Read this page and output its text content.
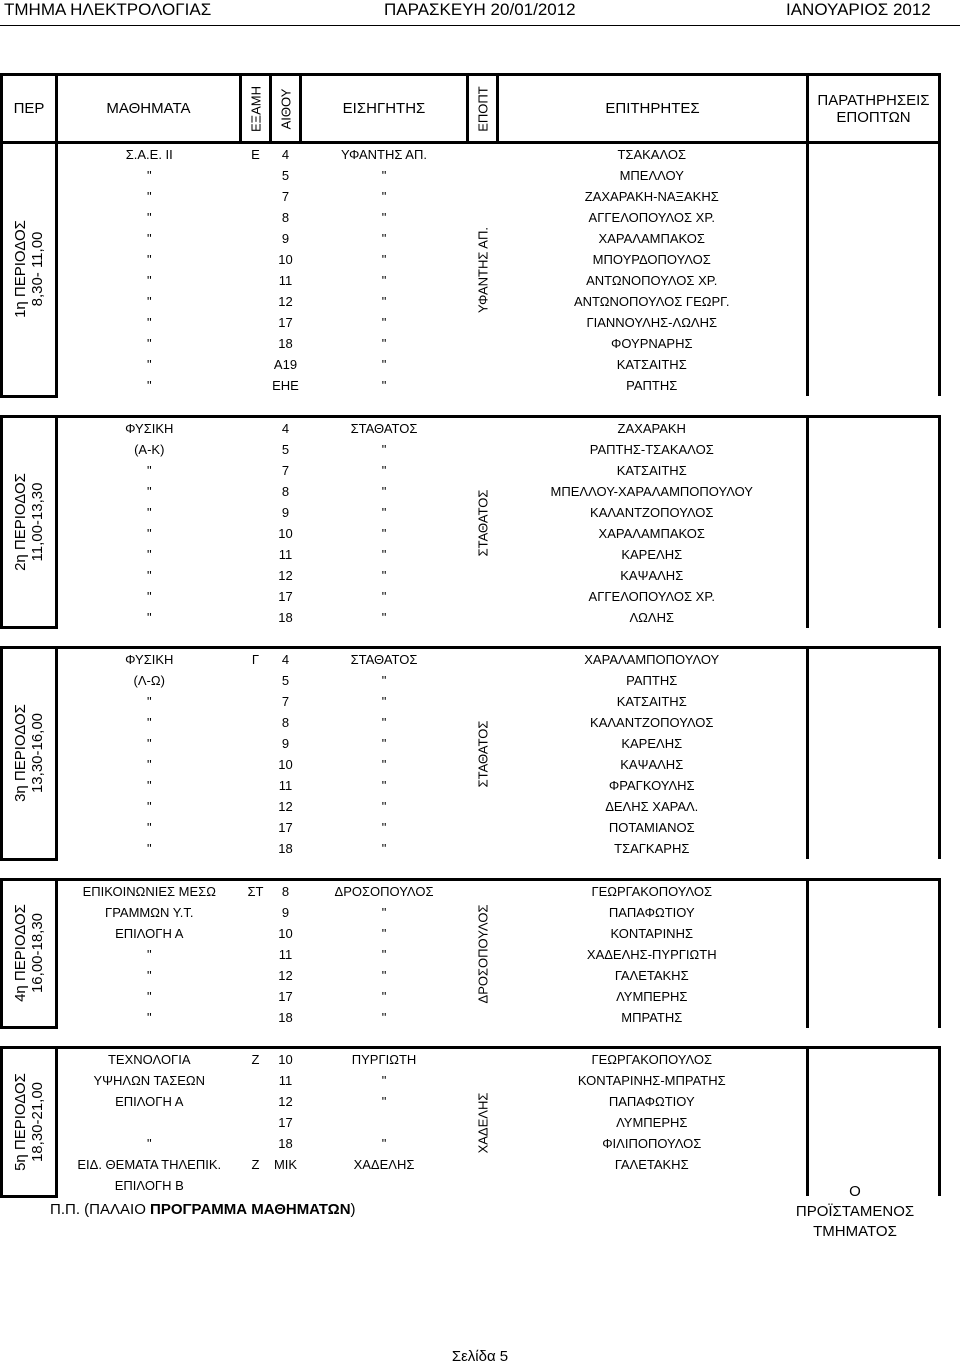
ΤΜΗΜΑ ΗΛΕΚΤΡΟΛΟΓΙΑΣ	ΠΑΡΑΣΚΕΥΗ 20/01/2012	ΙΑΝΟΥΑΡΙΟΣ 2012
ΠΕΡ	ΜΑΘΗΜΑΤΑ	ΕΞΑΜΗ	ΑΙΘΟΥ	ΕΙΣΗΓΗΤΗΣ	ΕΠΟΠΤ	ΕΠΙΤΗΡΗΤΕΣ	ΠΑΡΑΤΗΡΗΣΕΙΣ ΕΠΟΠΤΩΝ

1η ΠΕΡΙΟΔΟΣ 8,30- 11,00	Σ.Α.Ε. ΙΙ	Ε	4	ΥΦΑΝΤΗΣ ΑΠ.	ΥΦΑΝΤΗΣ ΑΠ.	ΤΣΑΚΑΛΟΣ	
	"		5	"		ΜΠΕΛΛΟΥ	
	"		7	"		ΖΑΧΑΡΑΚΗ-ΝΑΞΑΚΗΣ	
	"		8	"		ΑΓΓΕΛΟΠΟΥΛΟΣ ΧΡ.	
	"		9	"		ΧΑΡΑΛΑΜΠΑΚΟΣ	
	"		10	"		ΜΠΟΥΡΔΟΠΟΥΛΟΣ	
	"		11	"		ΑΝΤΩΝΟΠΟΥΛΟΣ ΧΡ.	
	"		12	"		ΑΝΤΩΝΟΠΟΥΛΟΣ ΓΕΩΡΓ.	
	"		17	"		ΓΙΑΝΝΟΥΛΗΣ-ΛΩΛΗΣ	
	"		18	"		ΦΟΥΡΝΑΡΗΣ	
	"		Α19	"		ΚΑΤΣΑΙΤΗΣ	
	"		ΕΗΕ	"		ΡΑΠΤΗΣ	

2η ΠΕΡΙΟΔΟΣ 11,00-13,30	ΦΥΣΙΚΗ		4	ΣΤΑΘΑΤΟΣ	ΣΤΑΘΑΤΟΣ	ΖΑΧΑΡΑΚΗ	
	(Α-Κ)		5	"		ΡΑΠΤΗΣ-ΤΣΑΚΑΛΟΣ	
	"		7	"		ΚΑΤΣΑΙΤΗΣ	
	"		8	"		ΜΠΕΛΛΟΥ-ΧΑΡΑΛΑΜΠΟΠΟΥΛΟΥ	
	"		9	"		ΚΑΛΑΝΤΖΟΠΟΥΛΟΣ	
	"		10	"		ΧΑΡΑΛΑΜΠΑΚΟΣ	
	"		11	"		ΚΑΡΕΛΗΣ	
	"		12	"		ΚΑΨΑΛΗΣ	
	"		17	"		ΑΓΓΕΛΟΠΟΥΛΟΣ ΧΡ.	
	"		18	"		ΛΩΛΗΣ	

3η ΠΕΡΙΟΔΟΣ 13,30-16,00	ΦΥΣΙΚΗ	Γ	4	ΣΤΑΘΑΤΟΣ	ΣΤΑΘΑΤΟΣ	ΧΑΡΑΛΑΜΠΟΠΟΥΛΟΥ	
	(Λ-Ω)		5	"		ΡΑΠΤΗΣ	
	"		7	"		ΚΑΤΣΑΙΤΗΣ	
	"		8	"		ΚΑΛΑΝΤΖΟΠΟΥΛΟΣ	
	"		9	"		ΚΑΡΕΛΗΣ	
	"		10	"		ΚΑΨΑΛΗΣ	
	"		11	"		ΦΡΑΓΚΟΥΛΗΣ	
	"		12	"		ΔΕΛΗΣ ΧΑΡΑΛ.	
	"		17	"		ΠΟΤΑΜΙΑΝΟΣ	
	"		18	"		ΤΣΑΓΚΑΡΗΣ	

4η ΠΕΡΙΟΔΟΣ 16,00-18,30	ΕΠΙΚΟΙΝΩΝΙΕΣ ΜΕΣΩ	ΣΤ	8	ΔΡΟΣΟΠΟΥΛΟΣ	ΔΡΟΣΟΠΟΥΛΟΣ	ΓΕΩΡΓΑΚΟΠΟΥΛΟΣ	
	ΓΡΑΜΜΩΝ Υ.Τ.		9	"		ΠΑΠΑΦΩΤΙΟΥ	
	ΕΠΙΛΟΓΗ Α		10	"		ΚΟΝΤΑΡΙΝΗΣ	
	"		11	"		ΧΑΔΕΛΗΣ-ΠΥΡΓΙΩΤΗ	
	"		12	"		ΓΑΛΕΤΑΚΗΣ	
	"		17	"		ΛΥΜΠΕΡΗΣ	
	"		18	"		ΜΠΡΑΤΗΣ	

5η ΠΕΡΙΟΔΟΣ 18,30-21,00	ΤΕΧΝΟΛΟΓΙΑ	Ζ	10	ΠΥΡΓΙΩΤΗ	ΧΑΔΕΛΗΣ	ΓΕΩΡΓΑΚΟΠΟΥΛΟΣ	
	ΥΨΗΛΩΝ ΤΑΣΕΩΝ		11	"		ΚΟΝΤΑΡΙΝΗΣ-ΜΠΡΑΤΗΣ	
	ΕΠΙΛΟΓΗ Α		12	"		ΠΑΠΑΦΩΤΙΟΥ	
			17			ΛΥΜΠΕΡΗΣ	
	"		18	"		ΦΙΛΙΠΟΠΟΥΛΟΣ	
	ΕΙΔ. ΘΕΜΑΤΑ ΤΗΛΕΠΙΚ.	Ζ	ΜΙΚ	ΧΑΔΕΛΗΣ		ΓΑΛΕΤΑΚΗΣ	
	ΕΠΙΛΟΓΗ Β						
Π.Π. (ΠΑΛΑΙΟ ΠΡΟΓΡΑΜΜΑ ΜΑΘΗΜΑΤΩΝ)
Ο
ΠΡΟΪΣΤΑΜΕΝΟΣ
ΤΜΗΜΑΤΟΣ
Σελίδα 5
